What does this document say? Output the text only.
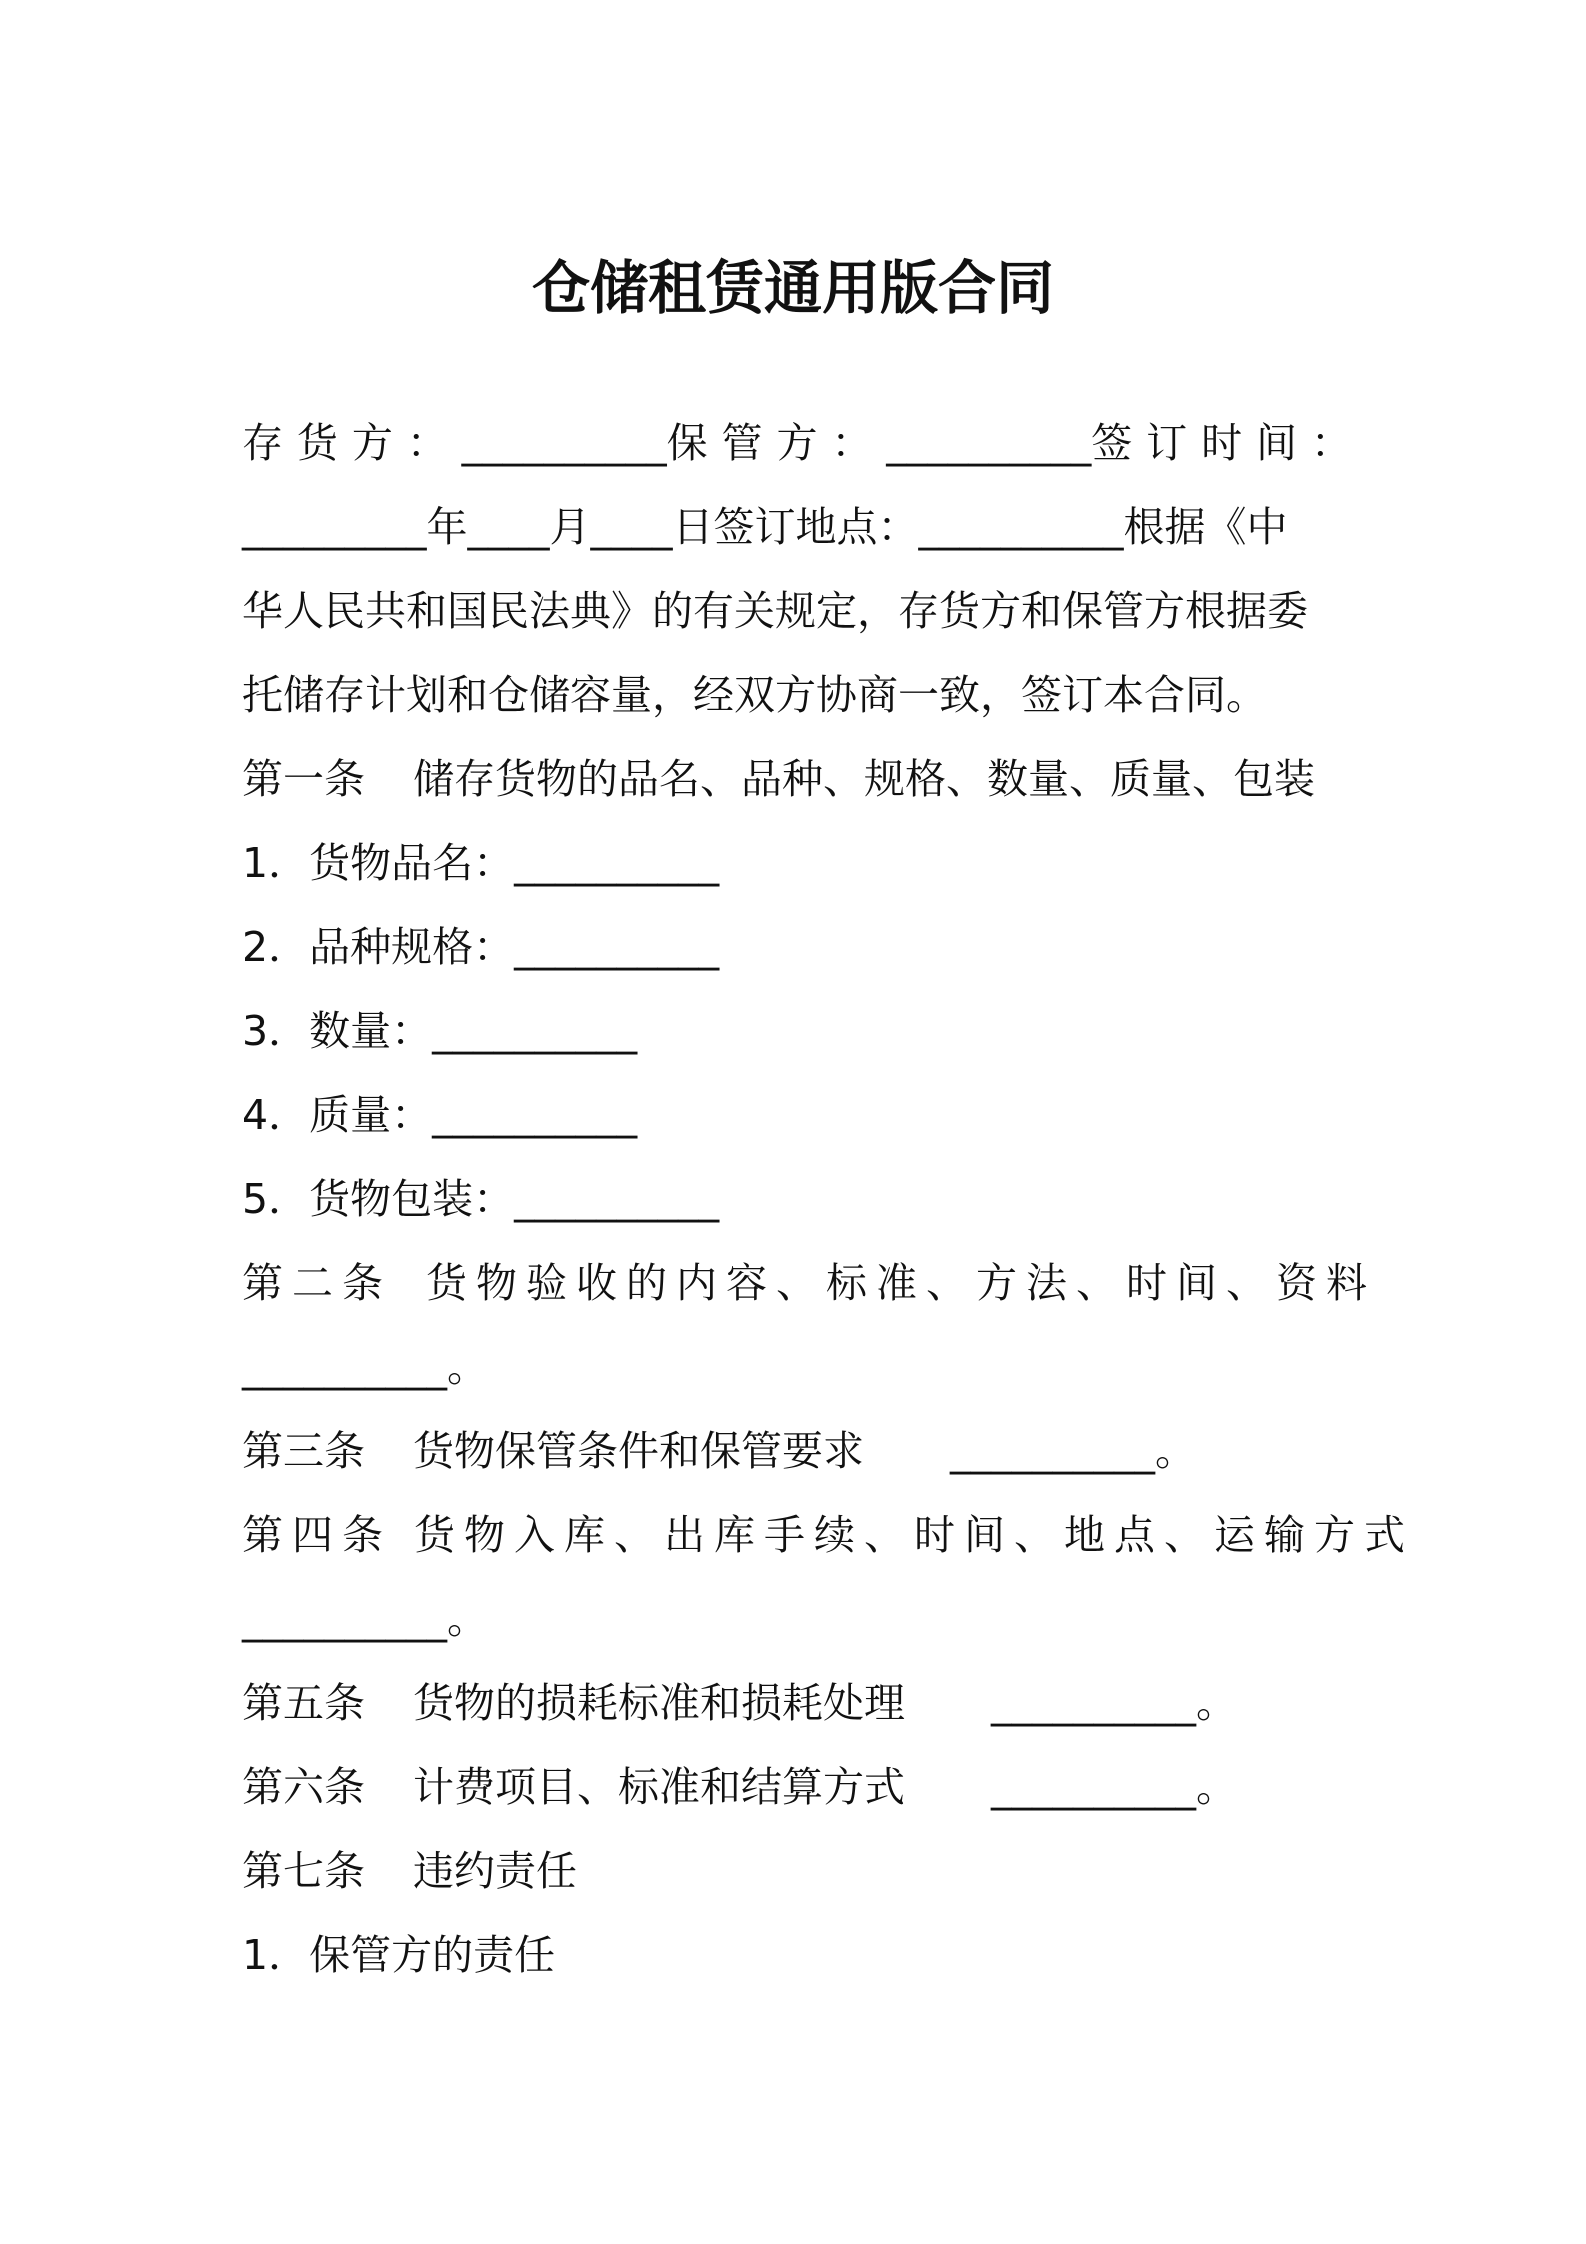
仓储租赁通用版合同
存 货 方 ： __________保 管 方 ： __________签 订 时 间 ：
_________年____月____日签订地点：__________根据《中
华人民共和国民法典》的有关规定，存货方和保管方根据委
托储存计划和仓储容量，经双方协商一致，签订本合同。
第一条 储存货物的品名、品种、规格、数量、质量、包装
1．货物品名：__________
2．品种规格：__________
3．数量：__________
4．质量：__________
5．货物包装：__________
第二条 货物验收的内容、标准、方法、时间、资料
__________。
第三条 货物保管条件和保管要求 __________。
第四条 货物入库、出库手续、时间、地点、运输方式
__________。
第五条 货物的损耗标准和损耗处理 __________。
第六条 计费项目、标准和结算方式 __________。
第七条 违约责任
1．保管方的责任
